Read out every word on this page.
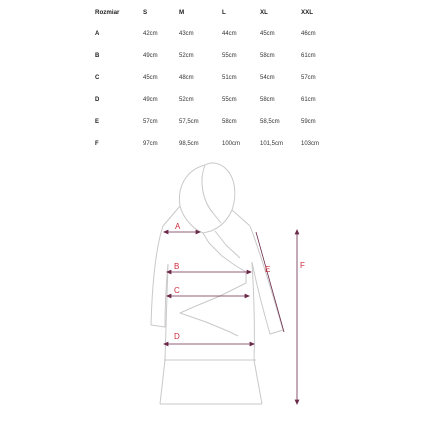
Rozmiar	S	M	L	XL	XXL
A	42cm	43cm	44cm	45cm	46cm
B	49cm	52cm	55cm	58cm	61cm
C	45cm	48cm	51cm	54cm	57cm
D	49cm	52cm	55cm	58cm	61cm
E	57cm	57,5cm	58cm	58,5cm	59cm
F	97cm	98,5cm	100cm	101,5cm	103cm
A
B
C
D
E	F
